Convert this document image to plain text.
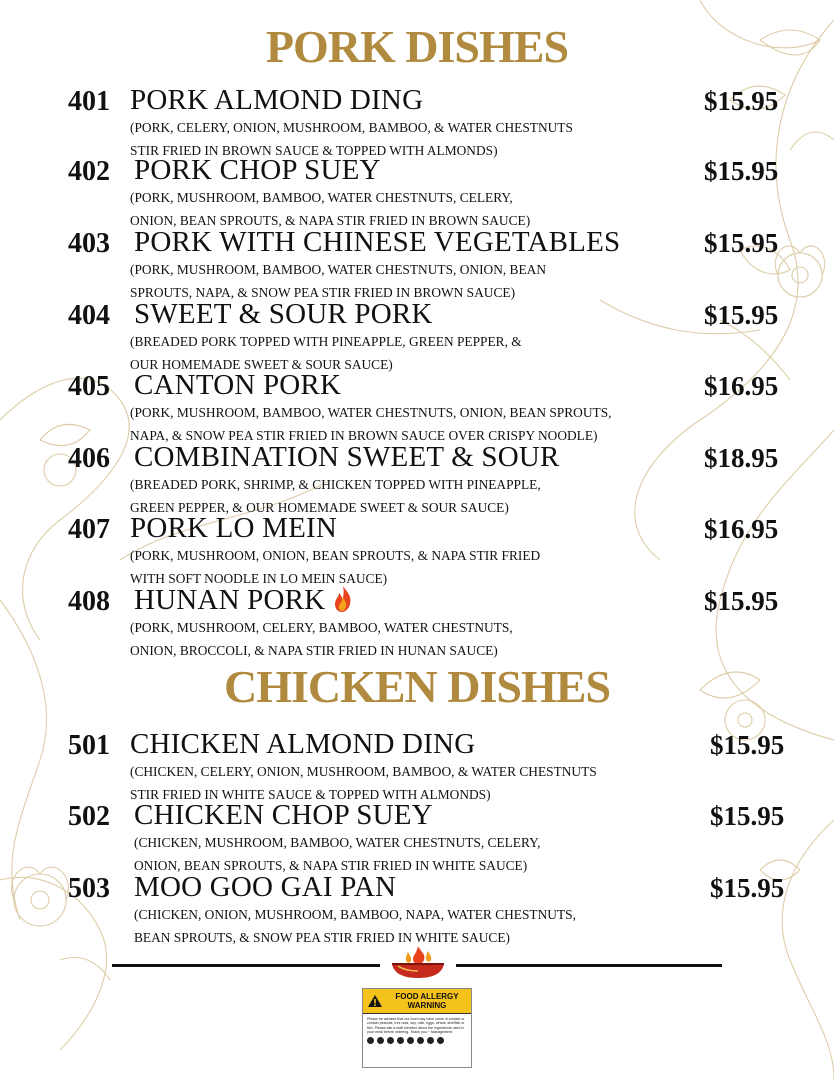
PORK DISHES
401 PORK ALMOND DING	$15.95
(PORK, CELERY, ONION, MUSHROOM, BAMBOO, & WATER CHESTNUTS
STIR FRIED IN BROWN SAUCE & TOPPED WITH ALMONDS)
402 PORK CHOP SUEY	$15.95
(PORK, MUSHROOM, BAMBOO, WATER CHESTNUTS, CELERY,
ONION, BEAN SPROUTS, & NAPA STIR FRIED IN BROWN SAUCE)
403 PORK WITH CHINESE VEGETABLES	$15.95
(PORK, MUSHROOM, BAMBOO, WATER CHESTNUTS, ONION, BEAN
SPROUTS, NAPA, & SNOW PEA STIR FRIED IN BROWN SAUCE)
404 SWEET & SOUR PORK	$15.95
(BREADED PORK TOPPED WITH PINEAPPLE, GREEN PEPPER, &
OUR HOMEMADE SWEET & SOUR SAUCE)
405 CANTON PORK	$16.95
(PORK, MUSHROOM, BAMBOO, WATER CHESTNUTS, ONION, BEAN SPROUTS,
NAPA, & SNOW PEA STIR FRIED IN BROWN SAUCE OVER CRISPY NOODLE)
406 COMBINATION SWEET & SOUR	$18.95
(BREADED PORK, SHRIMP, & CHICKEN TOPPED WITH PINEAPPLE,
GREEN PEPPER, & OUR HOMEMADE SWEET & SOUR SAUCE)
407 PORK LO MEIN	$16.95
(PORK, MUSHROOM, ONION, BEAN SPROUTS, & NAPA STIR FRIED
WITH SOFT NOODLE IN LO MEIN SAUCE)
408 HUNAN PORK	$15.95
(PORK, MUSHROOM, CELERY, BAMBOO, WATER CHESTNUTS,
ONION, BROCCOLI, & NAPA STIR FRIED IN HUNAN SAUCE)
CHICKEN DISHES
501 CHICKEN ALMOND DING	$15.95
(CHICKEN, CELERY, ONION, MUSHROOM, BAMBOO, & WATER CHESTNUTS
STIR FRIED IN WHITE SAUCE & TOPPED WITH ALMONDS)
502 CHICKEN CHOP SUEY	$15.95
(CHICKEN, MUSHROOM, BAMBOO, WATER CHESTNUTS, CELERY,
ONION, BEAN SPROUTS, & NAPA STIR FRIED IN WHITE SAUCE)
503 MOO GOO GAI PAN	$15.95
(CHICKEN, ONION, MUSHROOM, BAMBOO, NAPA, WATER CHESTNUTS,
BEAN SPROUTS, & SNOW PEA STIR FRIED IN WHITE SAUCE)
FOOD ALLERGY WARNING
Please be advised that our food may have come in contact or contain peanuts, tree nuts, soy, milk, eggs, wheat, shellfish or fish. Please ask a staff member about the ingredients used in your meal before ordering. Thank you ~ Management.
